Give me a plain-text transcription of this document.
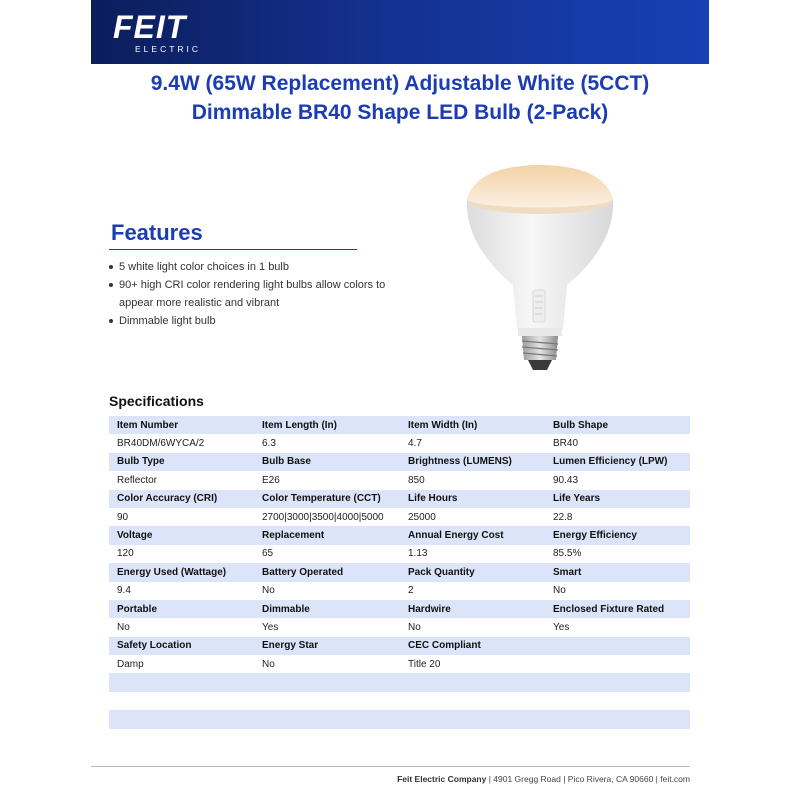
FEIT
ELECTRIC
9.4W (65W Replacement) Adjustable White (5CCT)
Dimmable BR40 Shape LED Bulb (2-Pack)
Features
5 white light color choices in 1 bulb
90+ high CRI color rendering light bulbs allow colors to appear more realistic and vibrant
Dimmable light bulb
Specifications
Item Number	Item Length (In)	Item Width (In)	Bulb Shape
BR40DM/6WYCA/2	6.3	4.7	BR40
Bulb Type	Bulb Base	Brightness (LUMENS)	Lumen Efficiency (LPW)
Reflector	E26	850	90.43
Color Accuracy (CRI)	Color Temperature (CCT)	Life Hours	Life Years
90	2700|3000|3500|4000|5000	25000	22.8
Voltage	Replacement	Annual Energy Cost	Energy Efficiency
120	65	1.13	85.5%
Energy Used (Wattage)	Battery Operated	Pack Quantity	Smart
9.4	No	2	No
Portable	Dimmable	Hardwire	Enclosed Fixture Rated
No	Yes	No	Yes
Safety Location	Energy Star	CEC Compliant	
Damp	No	Title 20	

Feit Electric Company | 4901 Gregg Road | Pico Rivera, CA 90660 | feit.com
